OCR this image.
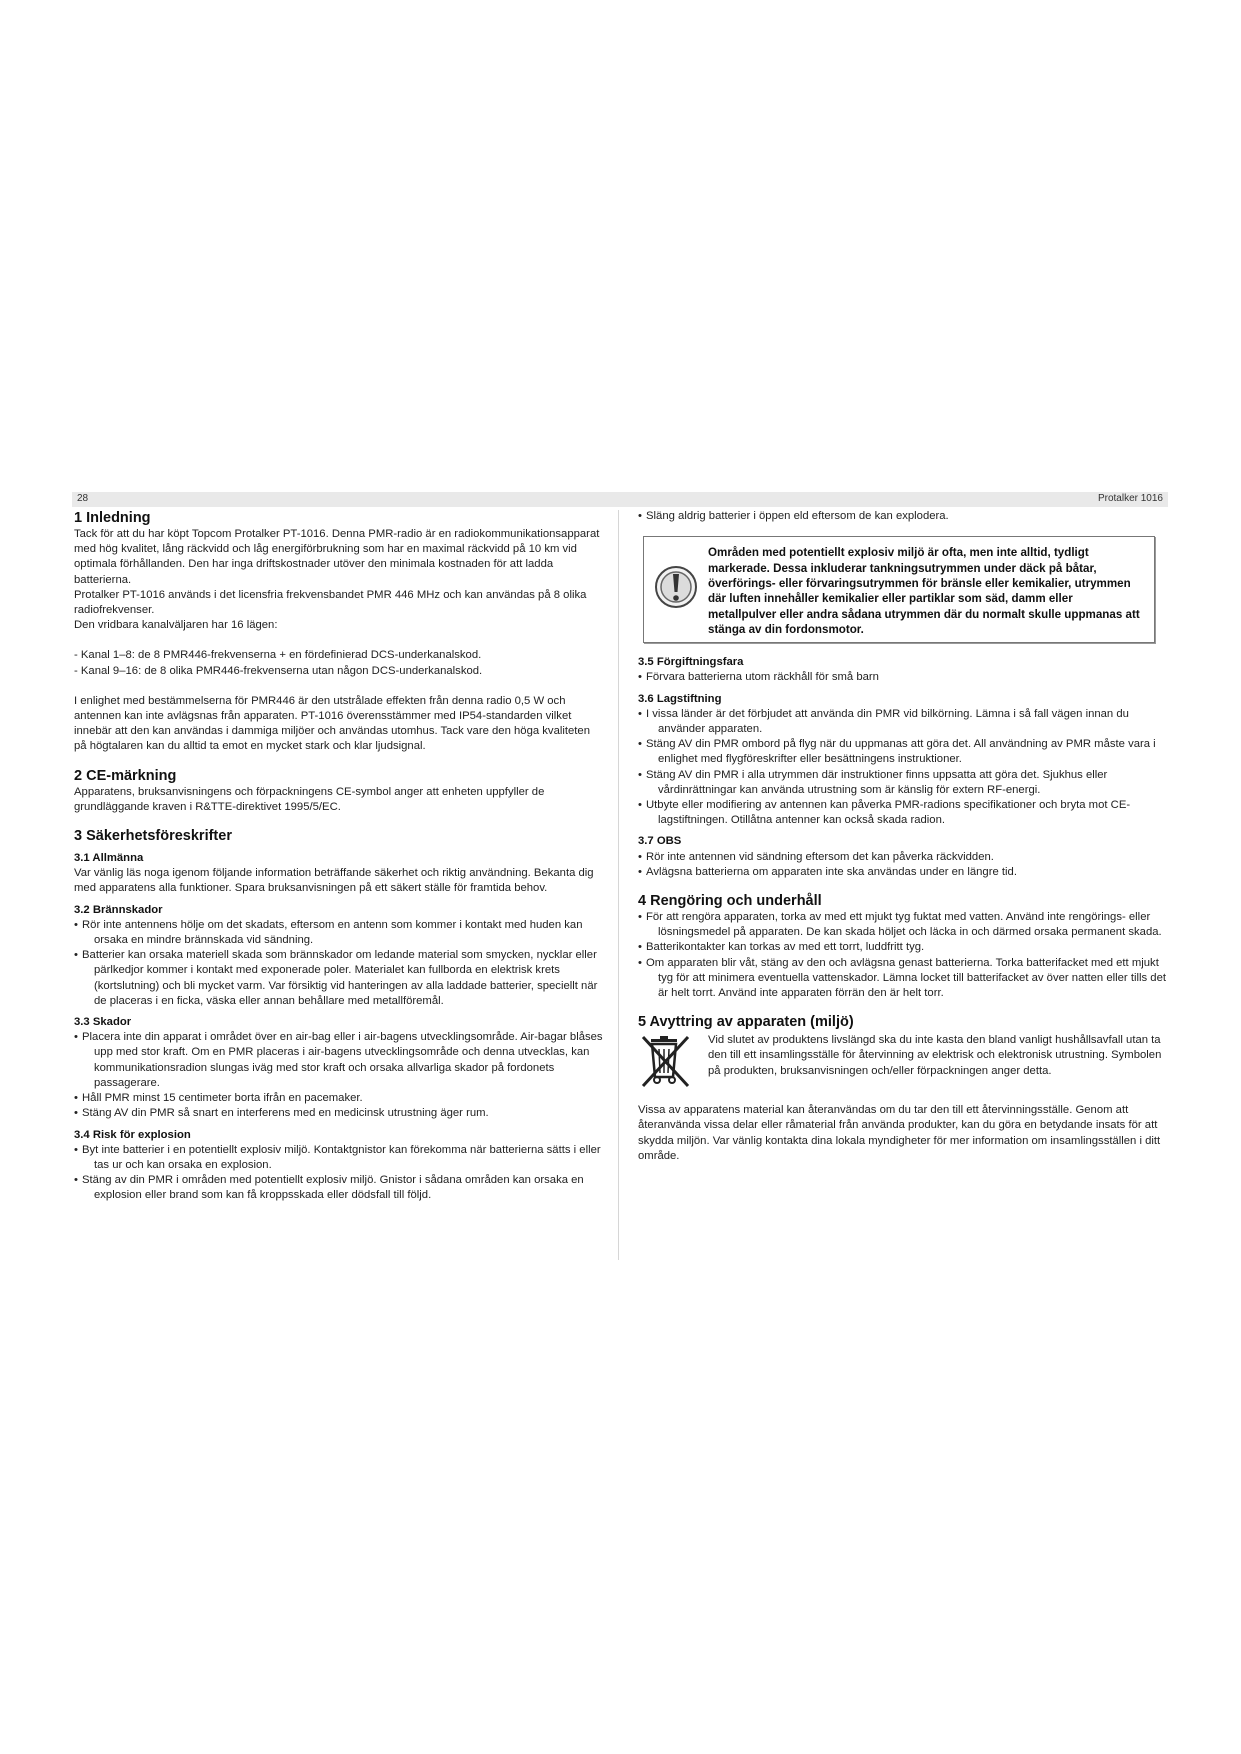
28	Protalker 1016
1 Inledning

Tack för att du har köpt Topcom Protalker PT-1016. Denna PMR-radio är en radiokommunikationsapparat med hög kvalitet, lång räckvidd och låg energiförbrukning som har en maximal räckvidd på 10 km vid optimala förhållanden. Den har inga driftskostnader utöver den minimala kostnaden för att ladda batterierna.

Protalker PT-1016 används i det licensfria frekvensbandet PMR 446 MHz och kan användas på 8 olika radiofrekvenser.

Den vridbara kanalväljaren har 16 lägen:

- Kanal 1–8: de 8 PMR446-frekvenserna + en fördefinierad DCS-underkanalskod.

- Kanal 9–16: de 8 olika PMR446-frekvenserna utan någon DCS-underkanalskod.

I enlighet med bestämmelserna för PMR446 är den utstrålade effekten från denna radio 0,5 W och antennen kan inte avlägsnas från apparaten. PT-1016 överensstämmer med IP54-standarden vilket innebär att den kan användas i dammiga miljöer och användas utomhus. Tack vare den höga kvaliteten på högtalaren kan du alltid ta emot en mycket stark och klar ljudsignal.

2 CE-märkning

Apparatens, bruksanvisningens och förpackningens CE-symbol anger att enheten uppfyller de grundläggande kraven i R&TTE-direktivet 1995/5/EC.

3 Säkerhetsföreskrifter
3.1 Allmänna

Var vänlig läs noga igenom följande information beträffande säkerhet och riktig användning. Bekanta dig med apparatens alla funktioner. Spara bruksanvisningen på ett säkert ställe för framtida behov.

3.2 Brännskador
• Rör inte antennens hölje om det skadats, eftersom en antenn som kommer i kontakt med huden kan orsaka en mindre brännskada vid sändning.
• Batterier kan orsaka materiell skada som brännskador om ledande material som smycken, nycklar eller pärlkedjor kommer i kontakt med exponerade poler. Materialet kan fullborda en elektrisk krets (kortslutning) och bli mycket varm. Var försiktig vid hanteringen av alla laddade batterier, speciellt när de placeras i en ficka, väska eller annan behållare med metallföremål.
3.3 Skador
• Placera inte din apparat i området över en air-bag eller i air-bagens utvecklingsområde. Air-bagar blåses upp med stor kraft. Om en PMR placeras i air-bagens utvecklingsområde och denna utvecklas, kan kommunikationsradion slungas iväg med stor kraft och orsaka allvarliga skador på fordonets passagerare.
• Håll PMR minst 15 centimeter borta ifrån en pacemaker.
• Stäng AV din PMR så snart en interferens med en medicinsk utrustning äger rum.
3.4 Risk för explosion
• Byt inte batterier i en potentiellt explosiv miljö. Kontaktgnistor kan förekomma när batterierna sätts i eller tas ur och kan orsaka en explosion.
• Stäng av din PMR i områden med potentiellt explosiv miljö. Gnistor i sådana områden kan orsaka en explosion eller brand som kan få kroppsskada eller dödsfall till följd.
• Släng aldrig batterier i öppen eld eftersom de kan explodera.

Områden med potentiellt explosiv miljö är ofta, men inte alltid, tydligt markerade. Dessa inkluderar tankningsutrymmen under däck på båtar, överförings- eller förvaringsutrymmen för bränsle eller kemikalier, utrymmen där luften innehåller kemikalier eller partiklar som säd, damm eller metallpulver eller andra sådana utrymmen där du normalt skulle uppmanas att stänga av din fordonsmotor.

3.5 Förgiftningsfara
• Förvara batterierna utom räckhåll för små barn
3.6 Lagstiftning
• I vissa länder är det förbjudet att använda din PMR vid bilkörning. Lämna i så fall vägen innan du använder apparaten.
• Stäng AV din PMR ombord på flyg när du uppmanas att göra det. All användning av PMR måste vara i enlighet med flygföreskrifter eller besättningens instruktioner.
• Stäng AV din PMR i alla utrymmen där instruktioner finns uppsatta att göra det. Sjukhus eller vårdinrättningar kan använda utrustning som är känslig för extern RF-energi.
• Utbyte eller modifiering av antennen kan påverka PMR-radions specifikationer och bryta mot CE-lagstiftningen. Otillåtna antenner kan också skada radion.
3.7 OBS
• Rör inte antennen vid sändning eftersom det kan påverka räckvidden.
• Avlägsna batterierna om apparaten inte ska användas under en längre tid.
4 Rengöring och underhåll
• För att rengöra apparaten, torka av med ett mjukt tyg fuktat med vatten. Använd inte rengörings- eller lösningsmedel på apparaten. De kan skada höljet och läcka in och därmed orsaka permanent skada.
• Batterikontakter kan torkas av med ett torrt, luddfritt tyg.
• Om apparaten blir våt, stäng av den och avlägsna genast batterierna. Torka batterifacket med ett mjukt tyg för att minimera eventuella vattenskador. Lämna locket till batterifacket av över natten eller tills det är helt torrt. Använd inte apparaten förrän den är helt torr.
5 Avyttring av apparaten (miljö)

Vid slutet av produktens livslängd ska du inte kasta den bland vanligt hushållsavfall utan ta den till ett insamlingsställe för återvinning av elektrisk och elektronisk utrustning. Symbolen på produkten, bruksanvisningen och/eller förpackningen anger detta.

Vissa av apparatens material kan återanvändas om du tar den till ett återvinningsställe. Genom att återanvända vissa delar eller råmaterial från använda produkter, kan du göra en betydande insats för att skydda miljön. Var vänlig kontakta dina lokala myndigheter för mer information om insamlingsställen i ditt område.
